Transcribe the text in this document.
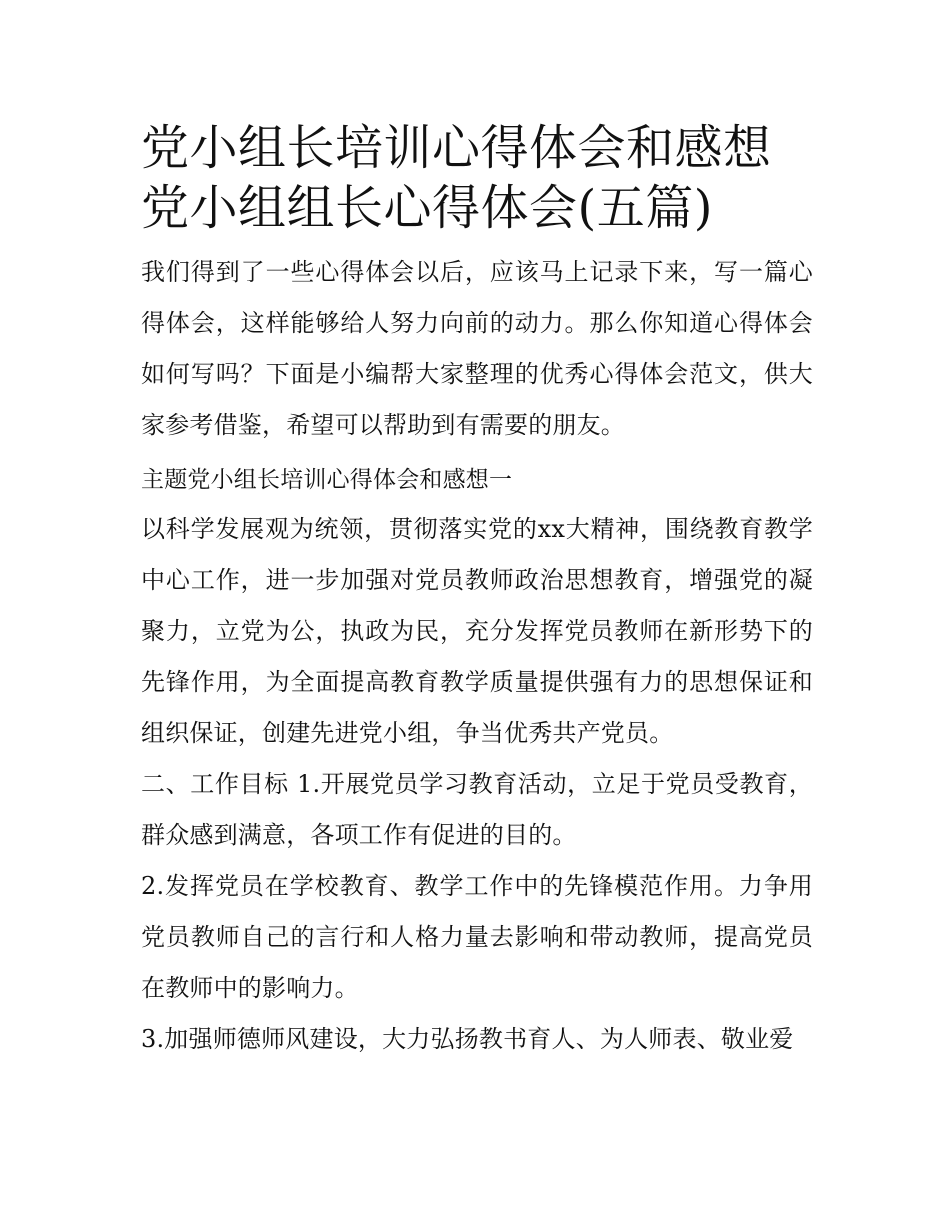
党小组长培训心得体会和感想
党小组组长心得体会(五篇)

我们得到了一些心得体会以后，应该马上记录下来，写一篇心得体会，这样能够给人努力向前的动力。那么你知道心得体会如何写吗？下面是小编帮大家整理的优秀心得体会范文，供大家参考借鉴，希望可以帮助到有需要的朋友。

主题党小组长培训心得体会和感想一

以科学发展观为统领，贯彻落实党的xx大精神，围绕教育教学中心工作，进一步加强对党员教师政治思想教育，增强党的凝聚力，立党为公，执政为民，充分发挥党员教师在新形势下的先锋作用，为全面提高教育教学质量提供强有力的思想保证和组织保证，创建先进党小组，争当优秀共产党员。

二、工作目标 1.开展党员学习教育活动，立足于党员受教育，群众感到满意，各项工作有促进的目的。

2.发挥党员在学校教育、教学工作中的先锋模范作用。力争用党员教师自己的言行和人格力量去影响和带动教师，提高党员在教师中的影响力。

3.加强师德师风建设，大力弘扬教书育人、为人师表、敬业爱
